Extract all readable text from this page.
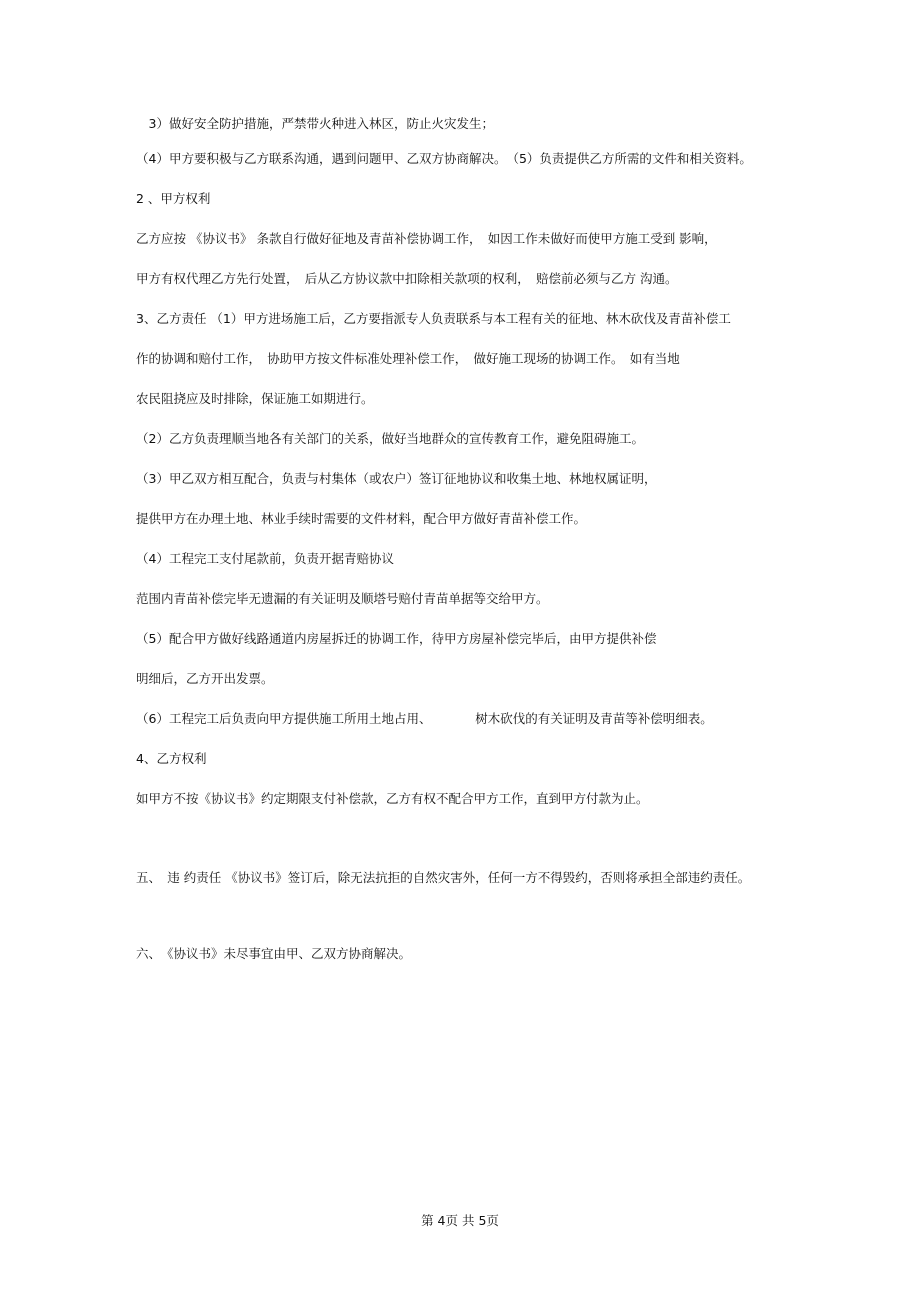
　3）做好安全防护措施，严禁带火种进入林区，防止火灾发生；
（4）甲方要积极与乙方联系沟通，遇到问题甲、乙双方协商解决。　（5）负责提供乙方所需的文件和相关资料。
2 、甲方权利
乙方应按 《协议书》 条款自行做好征地及青苗补偿协调工作，　如因工作未做好而使甲方施工受到 影响，
甲方有权代理乙方先行处置，　后从乙方协议款中扣除相关款项的权利，　赔偿前必须与乙方 沟通。
3、乙方责任 （1）甲方进场施工后，乙方要指派专人负责联系与本工程有关的征地、林木砍伐及青苗补偿工
作的协调和赔付工作，　协助甲方按文件标准处理补偿工作，　做好施工现场的协调工作。　如有当地
农民阻挠应及时排除，保证施工如期进行。
（2）乙方负责理顺当地各有关部门的关系，做好当地群众的宣传教育工作，避免阻碍施工。
（3）甲乙双方相互配合，负责与村集体（或农户）签订征地协议和收集土地、林地权属证明，
提供甲方在办理土地、林业手续时需要的文件材料，配合甲方做好青苗补偿工作。
（4）工程完工支付尾款前，负责开据青赔协议
范围内青苗补偿完毕无遗漏的有关证明及顺塔号赔付青苗单据等交给甲方。
（5）配合甲方做好线路通道内房屋拆迁的协调工作，待甲方房屋补偿完毕后，由甲方提供补偿
明细后，乙方开出发票。
（6）工程完工后负责向甲方提供施工所用土地占用、　　　　树木砍伐的有关证明及青苗等补偿明细表。
4、乙方权利
如甲方不按《协议书》约定期限支付补偿款，乙方有权不配合甲方工作，直到甲方付款为止。
五、　违 约责任 《协议书》签订后，除无法抗拒的自然灾害外，任何一方不得毁约，否则将承担全部违约责任。
六、　《协议书》未尽事宜由甲、乙双方协商解决。
第 4页 共 5页
